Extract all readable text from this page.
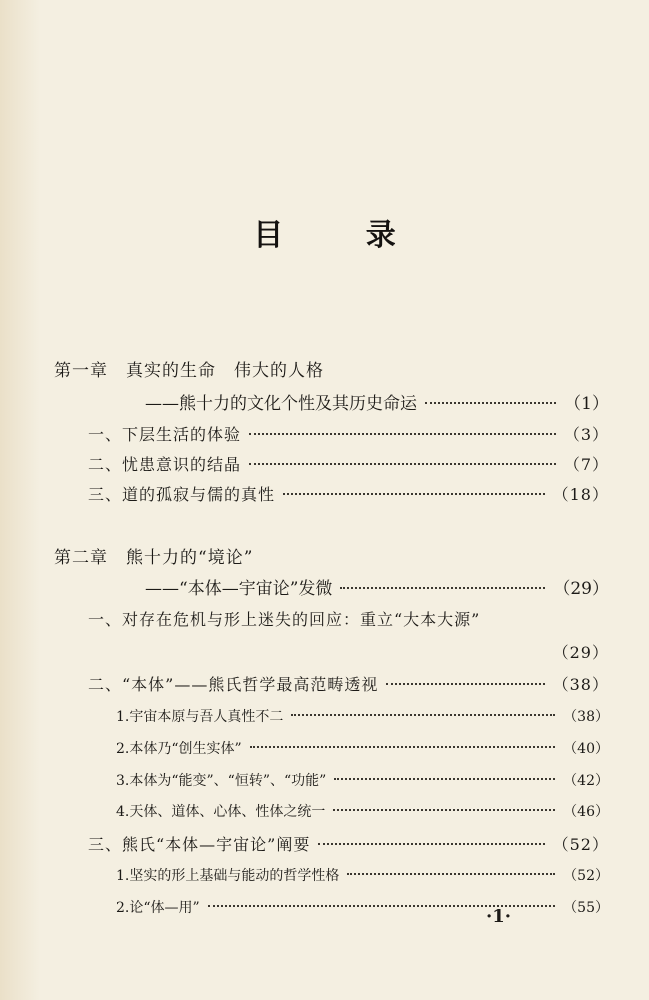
目 录
第一章　真实的生命　伟大的人格
——熊十力的文化个性及其历史命运	（1）
一、下层生活的体验	（3）
二、忧患意识的结晶	（7）
三、道的孤寂与儒的真性	（18）
第二章　熊十力的“境论”
——“本体—宇宙论”发微	（29）
一、对存在危机与形上迷失的回应：重立“大本大源”
（29）
二、“本体”——熊氏哲学最高范畴透视	（38）
1.宇宙本原与吾人真性不二	（38）
2.本体乃“创生实体”	（40）
3.本体为“能变”、“恒转”、“功能”	（42）
4.天体、道体、心体、性体之统一	（46）
三、熊氏“本体—宇宙论”阐要	（52）
1.坚实的形上基础与能动的哲学性格	（52）
2.论“体—用”	（55）
·1·
